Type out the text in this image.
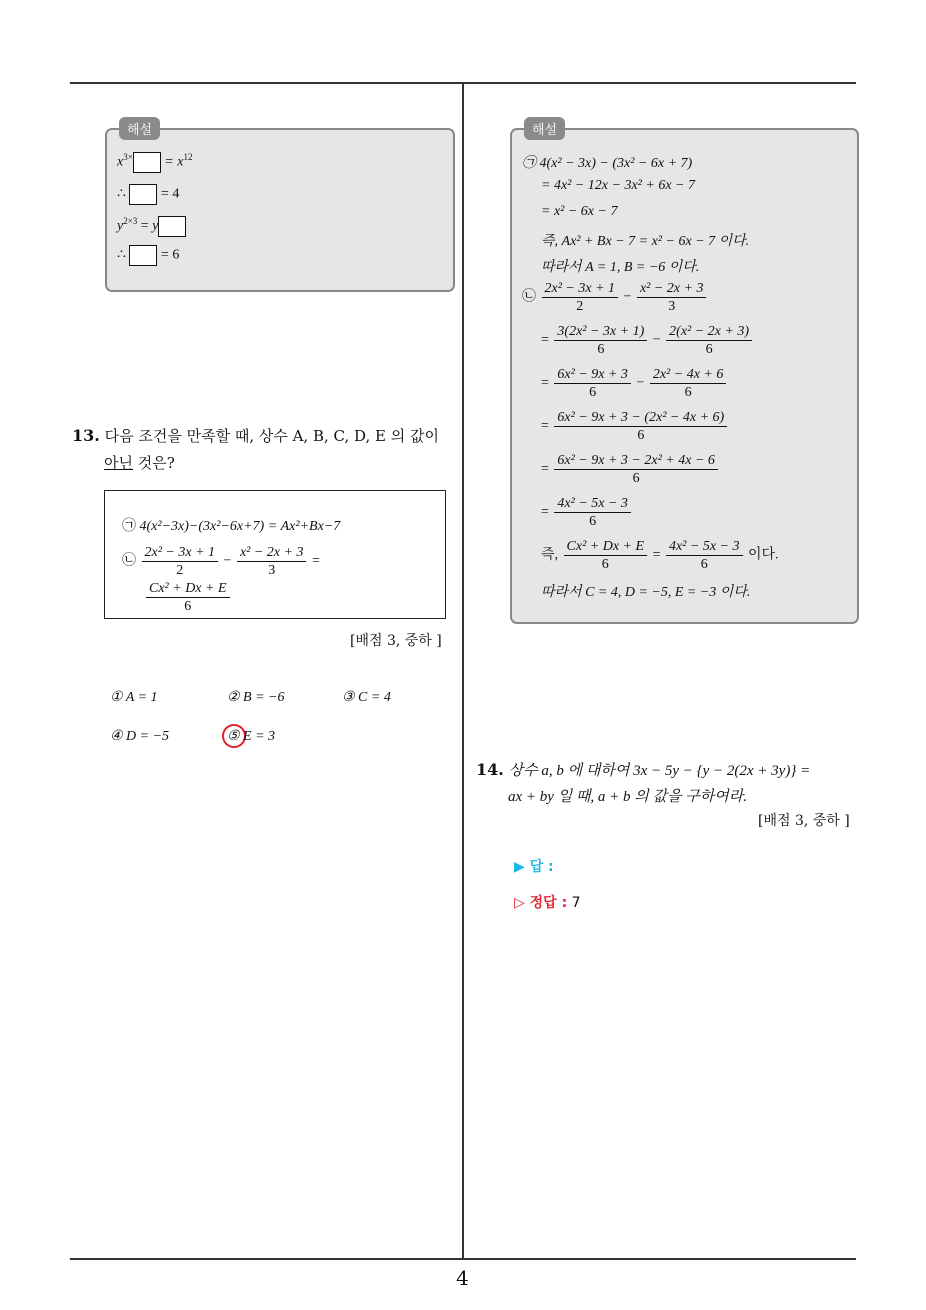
해설
$x^{3\times} = x^{12}$
∴	= 4
$y^{2\times 3} = y$
∴	= 6
13. 다음 조건을 만족할 때, 상수 A, B, C, D, E 의 값이
아닌 것은?
㉠ 4(x²−3x)−(3x²−6x+7) = Ax²+Bx−7
㉡ $\frac{\text{2x² − 3x + 1}}{2} - \frac{\text{x² − 2x + 3}}{3}$ =
$\frac{\text{Cx² + Dx + E}}{6}$
[배점 3, 중하 ]
① A = 1	② B = −6	③ C = 4
④ D = −5	⑤ E = 3
해설
㉠ 4(x² − 3x) − (3x² − 6x + 7)
= 4x² − 12x − 3x² + 6x − 7
= x² − 6x − 7
즉, Ax² + Bx − 7 = x² − 6x − 7 이다.
따라서 A = 1, B = −6 이다.
㉡ $\frac{\text{2x² − 3x + 1}}{2} - \frac{\text{x² − 2x + 3}}{3}$
= $\frac{\text{3(2x² − 3x + 1)}}{6} - \frac{\text{2(x² − 2x + 3)}}{6}$
= $\frac{\text{6x² − 9x + 3}}{6} - \frac{\text{2x² − 4x + 6}}{6}$
= $\frac{\text{6x² − 9x + 3 − (2x² − 4x + 6)}}{6}$
= $\frac{\text{6x² − 9x + 3 − 2x² + 4x − 6}}{6}$
= $\frac{\text{4x² − 5x − 3}}{6}$
즉, $\frac{\text{Cx² + Dx + E}}{6} = \frac{\text{4x² − 5x − 3}}{6}$ 이다.
따라서 C = 4, D = −5, E = −3 이다.
14. 상수 a, b 에 대하여 3x − 5y − {y − 2(2x + 3y)} =
ax + by 일 때, a + b 의 값을 구하여라.
[배점 3, 중하 ]
▶ 답 :
▷ 정답 : 7
4
